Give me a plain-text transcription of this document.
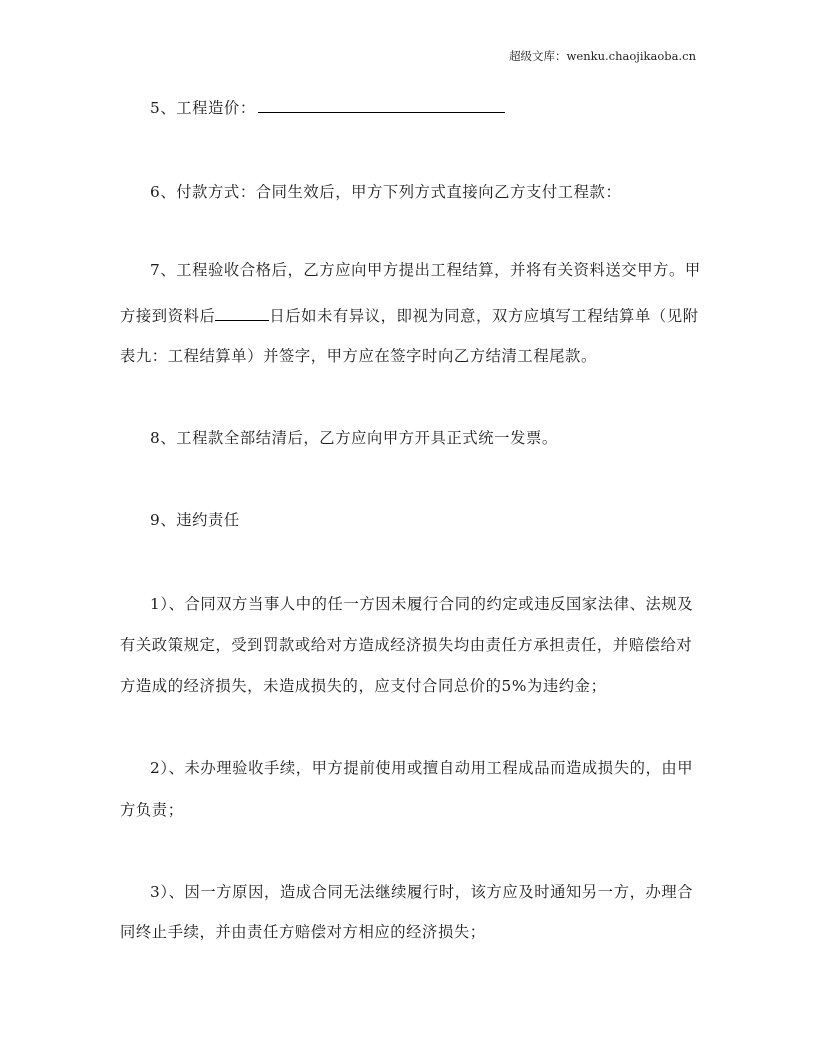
超级文库：wenku.chaojikaoba.cn
5、工程造价：
6、付款方式：合同生效后，甲方下列方式直接向乙方支付工程款：
7、工程验收合格后，乙方应向甲方提出工程结算，并将有关资料送交甲方。甲
方接到资料后	日后如未有异议，即视为同意，双方应填写工程结算单（见附
表九：工程结算单）并签字，甲方应在签字时向乙方结清工程尾款。
8、工程款全部结清后，乙方应向甲方开具正式统一发票。
9、违约责任
1）、合同双方当事人中的任一方因未履行合同的约定或违反国家法律、法规及
有关政策规定，受到罚款或给对方造成经济损失均由责任方承担责任，并赔偿给对
方造成的经济损失，未造成损失的，应支付合同总价的5%为违约金；
2）、未办理验收手续，甲方提前使用或擅自动用工程成品而造成损失的，由甲
方负责；
3）、因一方原因，造成合同无法继续履行时，该方应及时通知另一方，办理合
同终止手续，并由责任方赔偿对方相应的经济损失；
